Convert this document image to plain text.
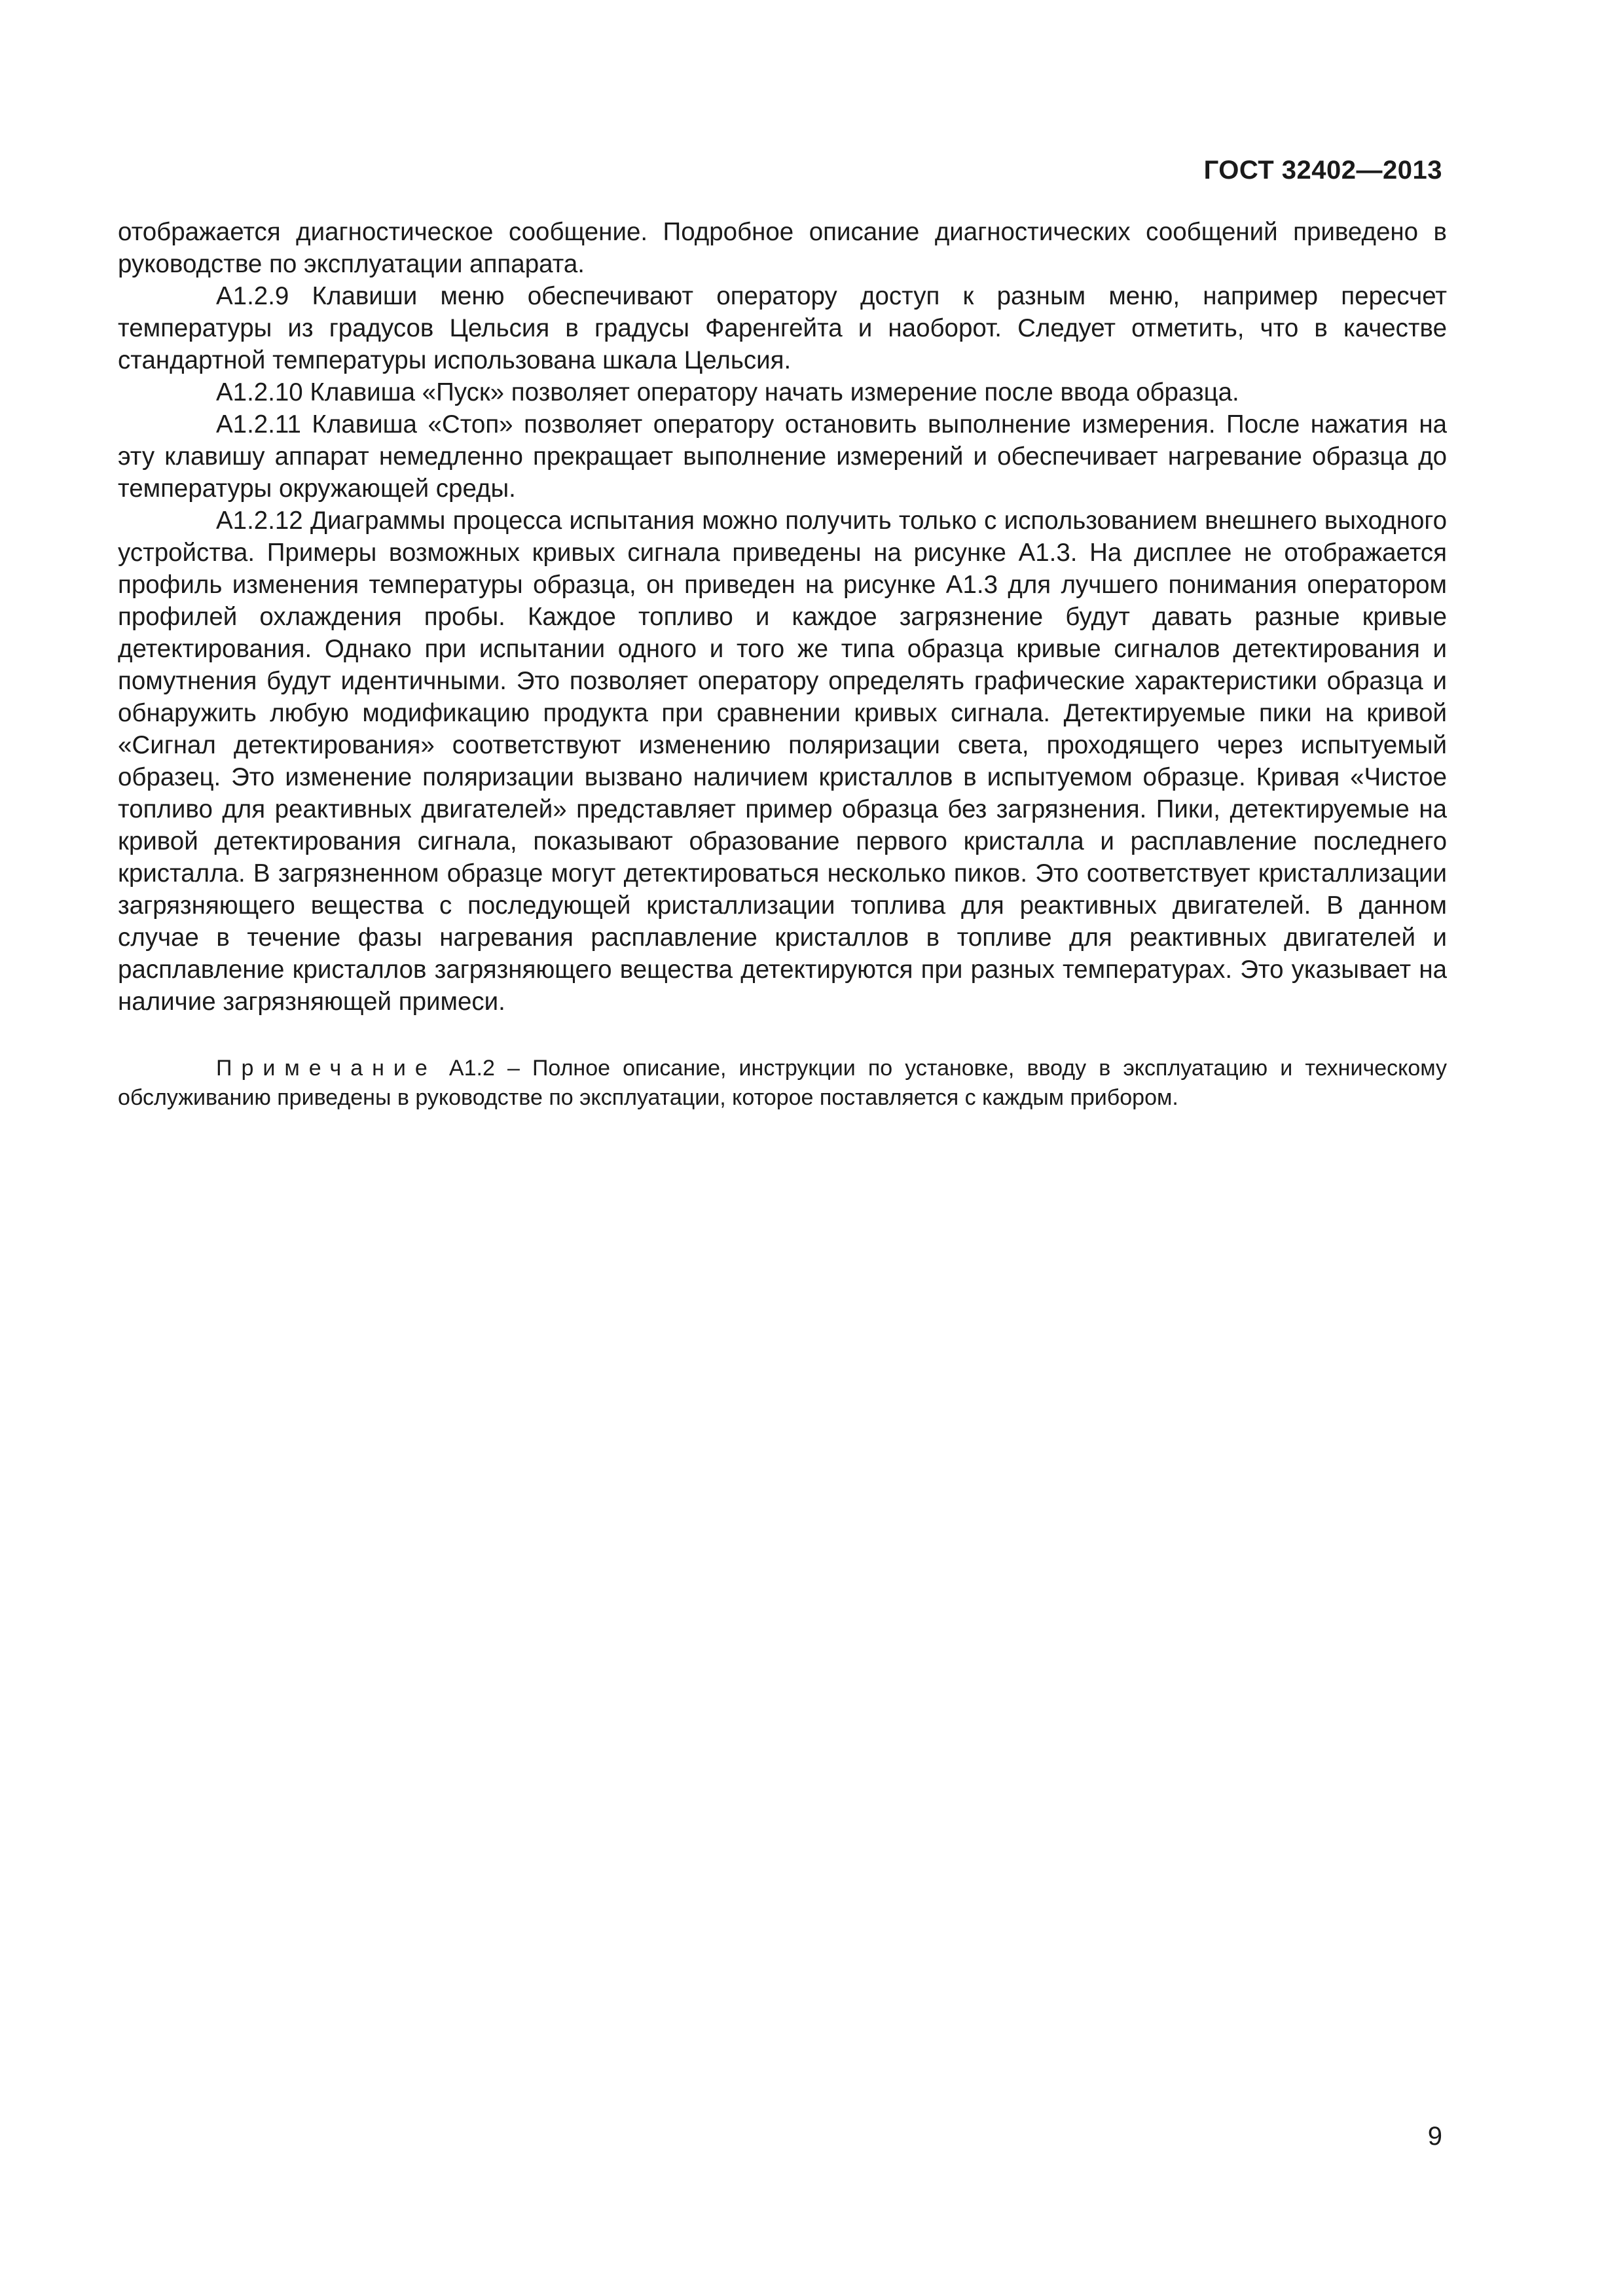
ГОСТ 32402—2013

отображается диагностическое сообщение. Подробное описание диагностических сообщений приведено в руководстве по эксплуатации аппарата.

А1.2.9 Клавиши меню обеспечивают оператору доступ к разным меню, например пересчет температуры из градусов Цельсия в градусы Фаренгейта и наоборот. Следует отметить, что в качестве стандартной температуры использована шкала Цельсия.

А1.2.10 Клавиша «Пуск» позволяет оператору начать измерение после ввода образца.

А1.2.11 Клавиша «Стоп» позволяет оператору остановить выполнение измерения. После нажатия на эту клавишу аппарат немедленно прекращает выполнение измерений и обеспечивает нагревание образца до температуры окружающей среды.

А1.2.12 Диаграммы процесса испытания можно получить только с использованием внешнего выходного устройства. Примеры возможных кривых сигнала приведены на рисунке А1.3. На дисплее не отображается профиль изменения температуры образца, он приведен на рисунке А1.3 для лучшего понимания оператором профилей охлаждения пробы. Каждое топливо и каждое загрязнение будут давать разные кривые детектирования. Однако при испытании одного и того же типа образца кривые сигналов детектирования и помутнения будут идентичными. Это позволяет оператору определять графические характеристики образца и обнаружить любую модификацию продукта при сравнении кривых сигнала. Детектируемые пики на кривой «Сигнал детектирования» соответствуют изменению поляризации света, проходящего через испытуемый образец. Это изменение поляризации вызвано наличием кристаллов в испытуемом образце. Кривая «Чистое топливо для реактивных двигателей» представляет пример образца без загрязнения. Пики, детектируемые на кривой детектирования сигнала, показывают образование первого кристалла и расплавление последнего кристалла. В загрязненном образце могут детектироваться несколько пиков. Это соответствует кристаллизации загрязняющего вещества с последующей кристаллизации топлива для реактивных двигателей. В данном случае в течение фазы нагревания расплавление кристаллов в топливе для реактивных двигателей и расплавление кристаллов загрязняющего вещества детектируются при разных температурах. Это указывает на наличие загрязняющей примеси.

Примечание А1.2 – Полное описание, инструкции по установке, вводу в эксплуатацию и техническому обслуживанию приведены в руководстве по эксплуатации, которое поставляется с каждым прибором.
9
